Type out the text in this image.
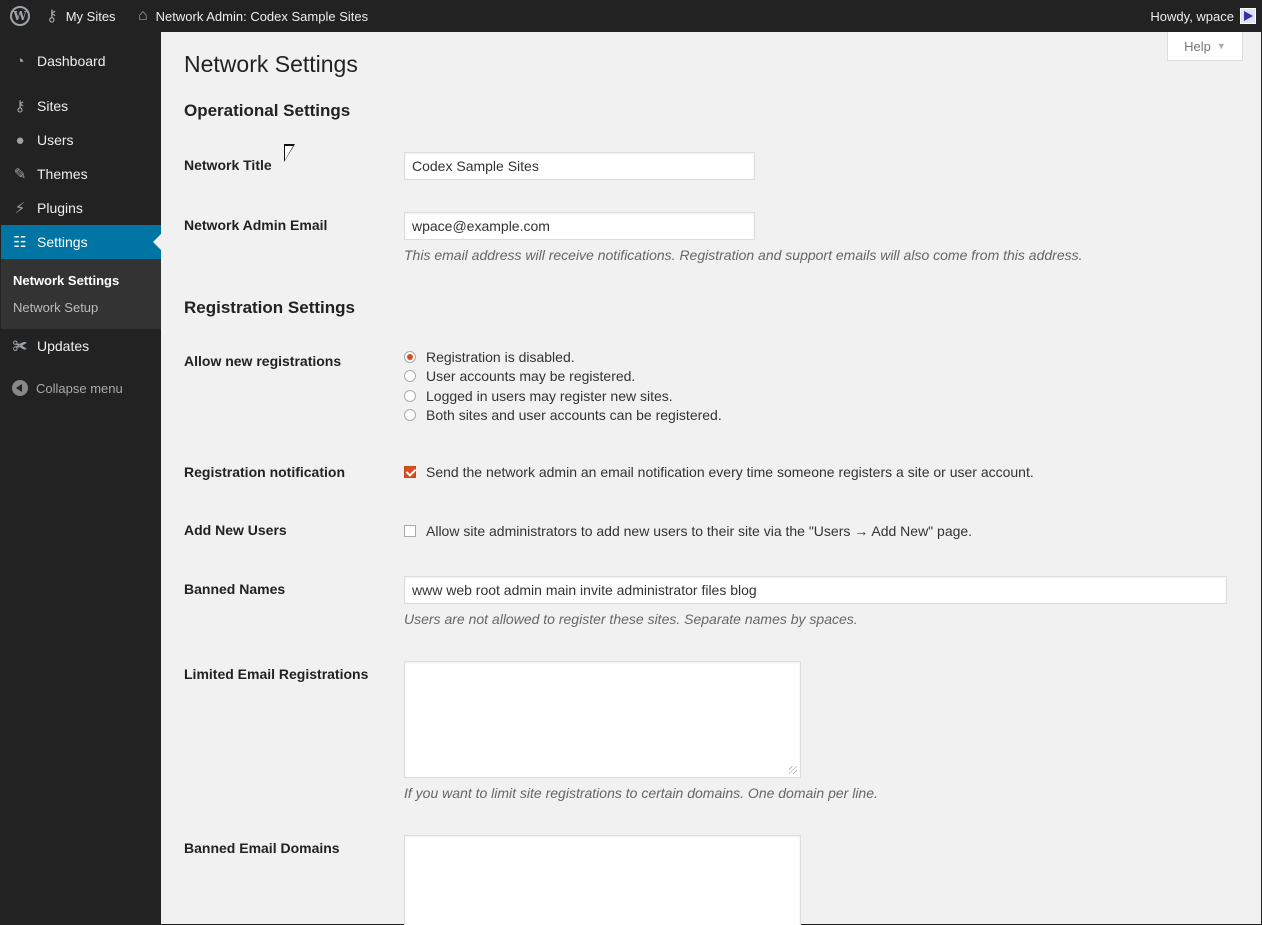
W ⚷ My Sites ⌂ Network Admin: Codex Sample Sites	Howdy, wpace
◔ Dashboard
⚷ Sites
● Users
✎ Themes
⚡ Plugins
☷ Settings
Network Settings
Network Setup
✀ Updates
Collapse menu
Help ▼
Network Settings
Operational Settings
Network Title	Codex Sample Sites
Network Admin Email	wpace@example.com

This email address will receive notifications. Registration and support emails will also come from this address.

Registration Settings
Allow new registrations	Registration is disabled.
User accounts may be registered.
Logged in users may register new sites.
Both sites and user accounts can be registered.
Registration notification	Send the network admin an email notification every time someone registers a site or user account.
Add New Users	Allow site administrators to add new users to their site via the "Users → Add New" page.
Banned Names	www web root admin main invite administrator files blog

Users are not allowed to register these sites. Separate names by spaces.

Limited Email Registrations

If you want to limit site registrations to certain domains. One domain per line.

Banned Email Domains
